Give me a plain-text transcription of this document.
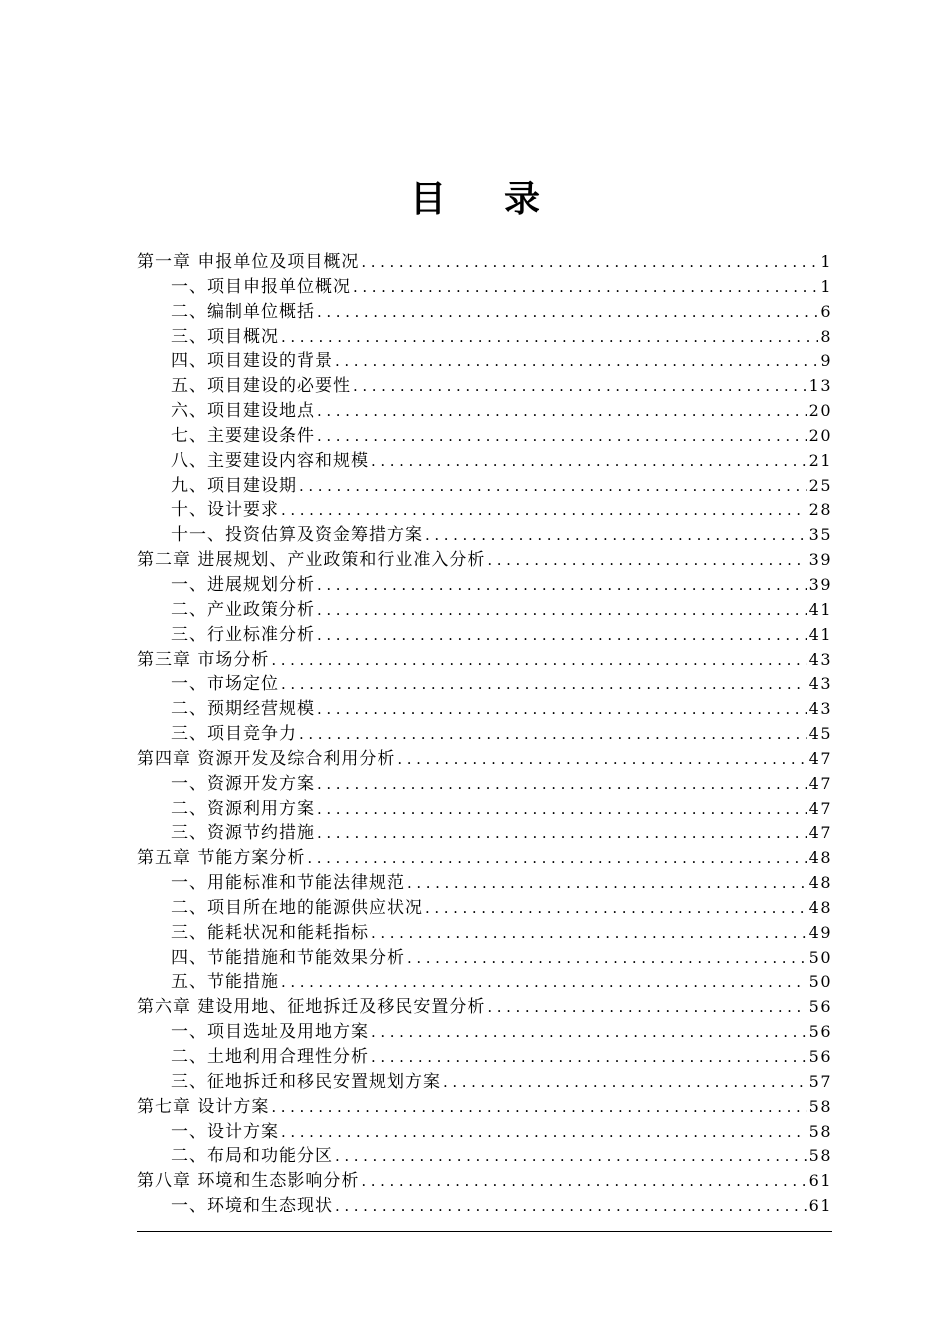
目录
第一章 申报单位及项目概况 .....	1
一、项目申报单位概况 .....	1
二、编制单位概括 .....	6
三、项目概况 .....	8
四、项目建设的背景 .....	9
五、项目建设的必要性 .....	13
六、项目建设地点 .....	20
七、主要建设条件 .....	20
八、主要建设内容和规模 .....	21
九、项目建设期 .....	25
十、设计要求 .....	28
十一、投资估算及资金筹措方案 .....	35
第二章 进展规划、产业政策和行业准入分析 .....	39
一、进展规划分析 .....	39
二、产业政策分析 .....	41
三、行业标准分析 .....	41
第三章 市场分析 .....	43
一、市场定位 .....	43
二、预期经营规模 .....	43
三、项目竞争力 .....	45
第四章 资源开发及综合利用分析 .....	47
一、资源开发方案 .....	47
二、资源利用方案 .....	47
三、资源节约措施 .....	47
第五章 节能方案分析 .....	48
一、用能标准和节能法律规范 .....	48
二、项目所在地的能源供应状况 .....	48
三、能耗状况和能耗指标 .....	49
四、节能措施和节能效果分析 .....	50
五、节能措施 .....	50
第六章 建设用地、征地拆迁及移民安置分析 .....	56
一、项目选址及用地方案 .....	56
二、土地利用合理性分析 .....	56
三、征地拆迁和移民安置规划方案 .....	57
第七章 设计方案 .....	58
一、设计方案 .....	58
二、布局和功能分区 .....	58
第八章 环境和生态影响分析 .....	61
一、环境和生态现状 .....	61
